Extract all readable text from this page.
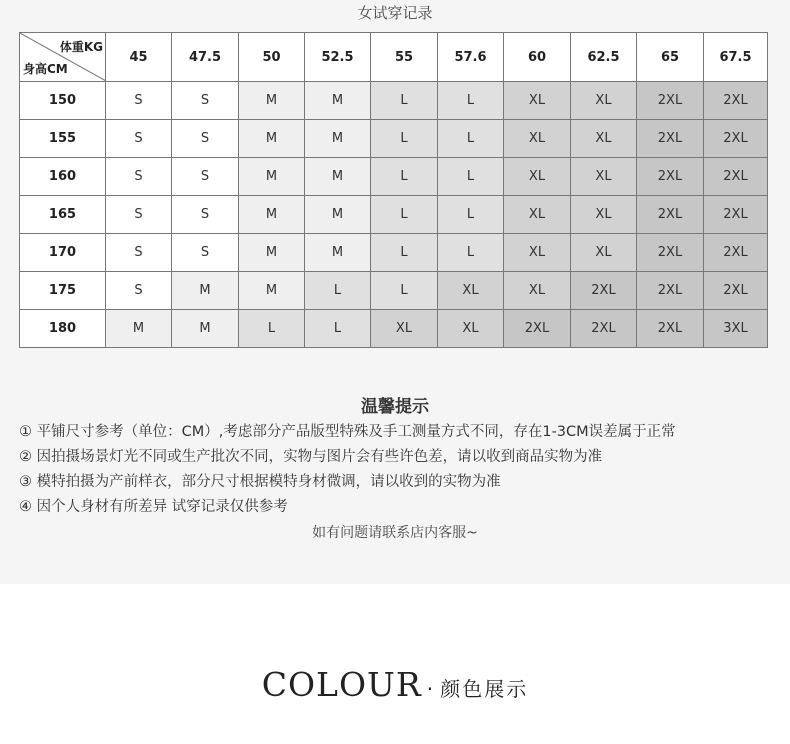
女试穿记录
体重KG
身高CM	45	47.5	50	52.5	55	57.6	60	62.5	65	67.5
150	S	S	M	M	L	L	XL	XL	2XL	2XL
155	S	S	M	M	L	L	XL	XL	2XL	2XL
160	S	S	M	M	L	L	XL	XL	2XL	2XL
165	S	S	M	M	L	L	XL	XL	2XL	2XL
170	S	S	M	M	L	L	XL	XL	2XL	2XL
175	S	M	M	L	L	XL	XL	2XL	2XL	2XL
180	M	M	L	L	XL	XL	2XL	2XL	2XL	3XL
温馨提示
① 平铺尺寸参考（单位：CM）,考虑部分产品版型特殊及手工测量方式不同，存在1-3CM误差属于正常
② 因拍摄场景灯光不同或生产批次不同，实物与图片会有些许色差，请以收到商品实物为准
③ 模特拍摄为产前样衣，部分尺寸根据模特身材微调，请以收到的实物为准
④ 因个人身材有所差异 试穿记录仅供参考
如有问题请联系店内客服~
COLOUR · 颜色展示
